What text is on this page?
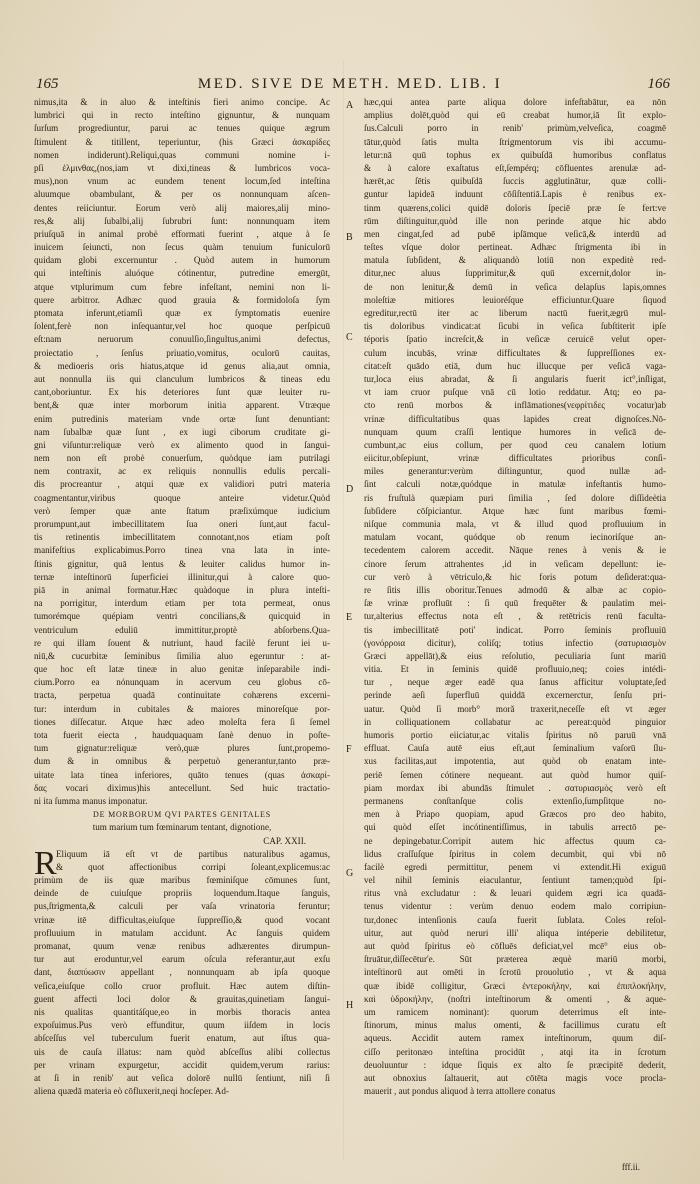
165	MED. SIVE DE METH. MED. LIB. I	166
nimus,ita & in aluo & inteſtinis fieri animo concipe. Ac
lumbrici qui in recto inteſtino gignuntur, & nunquam
ſurſum progrediuntur, parui ac tenues quique ægrum
ſtimulent & titillent, teperiuntur, (his Græci ἀσκαρίδες
nomen indiderunt).Reliqui,quas communi nomine i-
pſi ἑλμινθας,(nos,iam vt dixi,tineas & lumbricos voca-
mus),non vnum ac eundem tenent locum,ſed inteſtina
aluumque obambulant, & per os nonnunquam aſcen-
dentes reiiciuntur. Eorum verò alij maiores,alij mino-
res,& alij ſubalbi,alij ſubrubri ſunt: nonnunquam item
priuſquā in animal probè efformati fuerint , atque à ſe
inuicem ſeiuncti, non ſecus quàm tenuium funiculorū
quidam globi excernuntur . Quòd autem in humorum
qui inteſtinis aluóque cótinentur, putredine emergūt,
atque vtplurimum cum febre infeſtant, nemini non li-
quere arbitror. Adhæc quod grauia & formidoloſa ſym
ptomata inferunt,etiamſi quæ ex ſymptomatis euenire
ſolent,ferè non inſequantur,vel hoc quoque perſpicuū
eſt:nam neruorum conuulſio,ſingultus,animi defectus,
proiectatio , ſenſus priuatio,vomitus, oculorū cauitas,
& medioeris oris hiatus,atque id genus alia,aut omnia,
aut nonnulla iis qui clanculum lumbricos & tineas edu
cant,oboriuntur. Ex his deteriores ſunt quæ leuiter ru-
bent,& quæ inter morborum initia apparent. Vtræque
enim putredinis materiam vnde ortæ ſunt denuntiant:
nam ſubalbæ quæ ſunt , ex iugi ciborum cruditate gi-
gni viſuntur:reliquæ verò ex alimento quod in ſangui-
nem non eſt probè conuerſum, quòdque iam putrilagi
nem contraxit, ac ex reliquis nonnullis edulis percali-
dis procreantur , atqui quæ ex validiori putri materia
coagmentantur,viribus quoque anteire videtur.Quòd
verò ſemper quæ ante ſtatum præſixúmque iudicium
prorumpunt,aut imbecillitatem ſua oneri ſunt,aut facul-
tis retinentis imbecillitatem connotant,nos etiam poſt
manifeſtius explicabimus.Porro tinea vna lata in inte-
ſtinis gignitur, quā lentus & leuiter calidus humor in-
ternæ inteſtinorū ſuperficiei illinitur,qui à calore quo-
piā in animal formatur.Hæc quàdoque in plura inteſti-
na porrigitur, interdum etiam per tota permeat, onus
tumorémque quépiam ventri concilians,& quicquid in
ventriculum eduliū immittitur,proptè abſorbens.Qua-
re qui illam ſouent & nutriunt, haud facilè ferunt iei u-
niū,& cucurbitæ ſeminibus ſimilia aluo egeruntur : at-
que hoc eſt latæ tineæ in aluo genitæ inſeparabile indi-
cium.Porro ea nónunquam in acervum ceu globus cō-
tracta, perpetua quadā continuitate cohærens excerni-
tur: interdum in cubitales & maiores minoreſque por-
tiones diſſecatur. Atque hæc adeo moleſta fera ſi ſemel
tota fuerit eiecta , haudquaquam ſanè denuo in poſte-
tum gignatur:reliquæ verò,quæ plures ſunt,propemo-
dum & in omnibus & perpetuò generantur,tanto præ-
uitate lata tinea inferiores, quāto tenues (quas ἀσκαρί-
δας vocari diximus)his antecellunt. Sed huic tractatio-
ni ita ſumma manus imponatur.
DE MORBORUM QVI PARTES GENITALES
tum marium tum fœminarum tentant, dignotione,
CAP. XXII.
R Eliquum iā eſt vt de partibus naturalibus agamus,
& quot affectionibus corripi ſoleant,explicemus:ac
primùm de iis quæ maribus fœminiſque cōmunes ſunt,
deinde de cuiuſque propriis loquendum.Itaque ſanguis,
pus,ſtrigmenta,& calculi per vaſa vrinatoria feruntur;
vrinæ itē difficultas,eiuſque ſuppreſſio,& quod vocant
profluuium in matulam accidunt. Ac ſanguis quidem
promanat, quum venæ renibus adhærentes dirumpun-
tur aut eroduntur,vel earum oſcula referantur,aut exſu
dant, διαπύωσιν appellant , nonnunquam ab ipſa quoque
veſica,eiuſque collo cruor profluit. Hæc autem diſtin-
guent affecti loci dolor & grauitas,quinetiam ſangui-
nis qualitas quantitáſque,eo in morbis thoracis antea
expoſuimus.Pus verò effunditur, quum iiſdem in locis
abſceſſus vel tuberculum fuerit enatum, aut iſtus qua-
uis de cauſa illatus: nam quòd abſceſſus alibi collectus
per vrinam expurgetur, accidit quidem,verum rarius:
at ſi in renib' aut veſica dolorē nullū ſentiunt, niſi ſi
aliena quædā materia eò cōfluxerit,neqi hocſeper. Ad-
hæc,qui antea parte aliqua dolore infeſtabātur, ea nōn
amplius dolēt,quòd qui eū creabat humor,iā ſit explo-
ſus.Calculi porro in renib' primùm,velveſica, coagmē
tātur,quòd ſatis multa ſtrigmentorum vis ibi accumu-
letur:nā quū tophus ex quibuſdā humoribus conflatus
& à calore exaſtatus eſt,ſempérq; cōfluentes arenulæ ad-
hærēt,ac ſētis quibuſdā ſuccis agglutinātur, quæ colli-
guntur lapideā induunt cōſiſtentiā.Lapis è renibus ex-
tinm quærens,colici quidē doloris ſpeciē præ ſe fert:ve
rūm diſtinguitur,quòd ille non perinde atque hic abdo
men cingat,ſed ad pubē ipſāmque veſicā,& interdū ad
teſtes vſque dolor pertineat. Adhæc ſtrigmenta ibi in
matula ſubſident, & aliquandò lotiū non expeditè red-
ditur,nec aluus ſupprimitur,& quū excernit,dolor in-
de non lenitur,& demū in veſica delapſus lapis,omnes
moleſtiæ mitiores leuioréſque efficiuntur.Quare ſiquod
egreditur,rectū iter ac liberum nactū fuerit,ægrū mul-
tis doloribus vindicat:at ſicubi in veſica ſubſtiterit ipſe
téporis ſpatio increſcit,& in veſicæ ceruicē velut oper-
culum incubās, vrinæ difficultates & ſuppreſſiones ex-
citat:eſt quādo etiā, dum huc illucque per veſicā vaga-
tur,loca eius abradat, & ſi angularis fuerit ict°,inſligat,
vt iam cruor puſque vnā cū lotio reddatur. Atq; eo pa-
cto renū morbos & inflāmationes(νεφρίτιδες vocatur)ab
vrinæ difficultatibus quas lapides creat dignoſces.Nō-
nunquam quum craſſi lentique humores in veſicā de-
cumbunt,ac eius collum, per quod ceu canalem lotium
eiicitur,obſepiunt, vrinæ difficultates prioribus conſi-
miles generantur:verùm diſtinguntur, quod nullæ ad-
ſint calculi notæ,quódque in matulæ infeſtantis humo-
ris fruſtulà quæpiam puri ſimilia , ſed dolore diſſideètia
ſubſidere cōſpiciantur. Atque hæc ſunt maribus fœmi-
niſque communia mala, vt & illud quod profluuium in
matulam vocant, quódque ob renum iecinoriſque an-
tecedentem calorem accedit. Nāque renes à venis & ie
cinore ſerum attrahentes ,id in veſicam depellunt: ie-
cur verò à vētriculo,& hic foris potum deſiderat:qua-
re ſitis illis oboritur.Tenues admodū & albæ ac copio-
ſæ vrinæ profluūt : ſi quū frequēter & paulatim mei-
tur,alterius effectus nota eſt , & retētricis renū faculta-
tis imbecillitatē poti' indicat. Porro ſeminis profluuiū
(γονόρροια dicitur), coliſq; totius infectio (σατυριασμὸν
Græci appellāt),& eius reſolutio, peculiaria ſunt mariū
vitia. Et in ſeminis quidē profluuio,neq; coies intédi-
tur , neque æger eadē qua ſanus afficitur voluptate,ſed
perinde aeſi ſuperfluū quiddā excernerctur, ſenſu pri-
uatur. Quòd ſi morb° moră traxerit,neceſſe eſt vt æger
in colliquationem collabatur ac pereat:quòd pinguior
humoris portio eiiciatur,ac vitalis ſpiritus nō paruū vnā
effluat. Cauſa autē eius eſt,aut ſeminalium vaſorū ſlu-
xus facilitas,aut impotentia, aut quòd ob enatam inte-
periē ſemen cótinere nequeant. aut quòd humor quiſ-
piam mordax ibi abundās ſtimulet . σατυριασμὸς verò eſt
permanens conſtanſque colis extenſio,ſumpſitque no-
men à Priapo quopiam, apud Græcos pro deo habito,
qui quòd eſſet incótinentiſſimus, in tabulis arrectō pe-
ne depingebatur.Corripit autem hic affectus quum ca-
lidus craſſuſque ſpiritus in colem decumbit, qui vbi nō
facilè egredi permittitur, penem vi extendit.Hi exiguū
vel nihil ſeminis eiaculantur, ſentiunt tamen;quòd ſpi-
ritus vnà excludatur : & leuari quidem ægri ica quadā-
tenus videntur : verùm denuo eodem malo corripiun-
tur,donec intenſionis cauſa fuerit ſublata. Coles reſol-
uitur, aut quòd neruri illi' aliqua intéperie debilitetur,
aut quòd ſpiritus eò cōfluēs deficiat,vel mcē° eius ob-
ſtruātur,diſſecētur'e. Sūt præterea æquè mariū morbi,
inteſtinorū aut omēti in ſcrotū prouolutio , vt & aqua
quæ ibidē colligitur, Græci ἐντεροκήλην, καὶ ἐπιπλοκήλην,
καὶ ὑδροκήλην, (noſtri inteſtinorum & omenti , & aque-
um ramicem nominant): quorum deterrimus eſt inte-
ſtinorum, minus malus omenti, & facillimus curatu eſt
aqueus. Accidit autem ramex inteſtinorum, quum diſ-
ciſſo peritonæo inteſtina procidūt , atqi ita in ſcrotum
deuoluuntur : idque ſiquis ex alto ſe præcipitē dederit,
aut obnoxius ſaltauerit, aut cōtēta magis voce procla-
mauerit , aut pondus aliquod à terra attollere conatus
A
B
C
D
E
F
G
H
fff.ii.
